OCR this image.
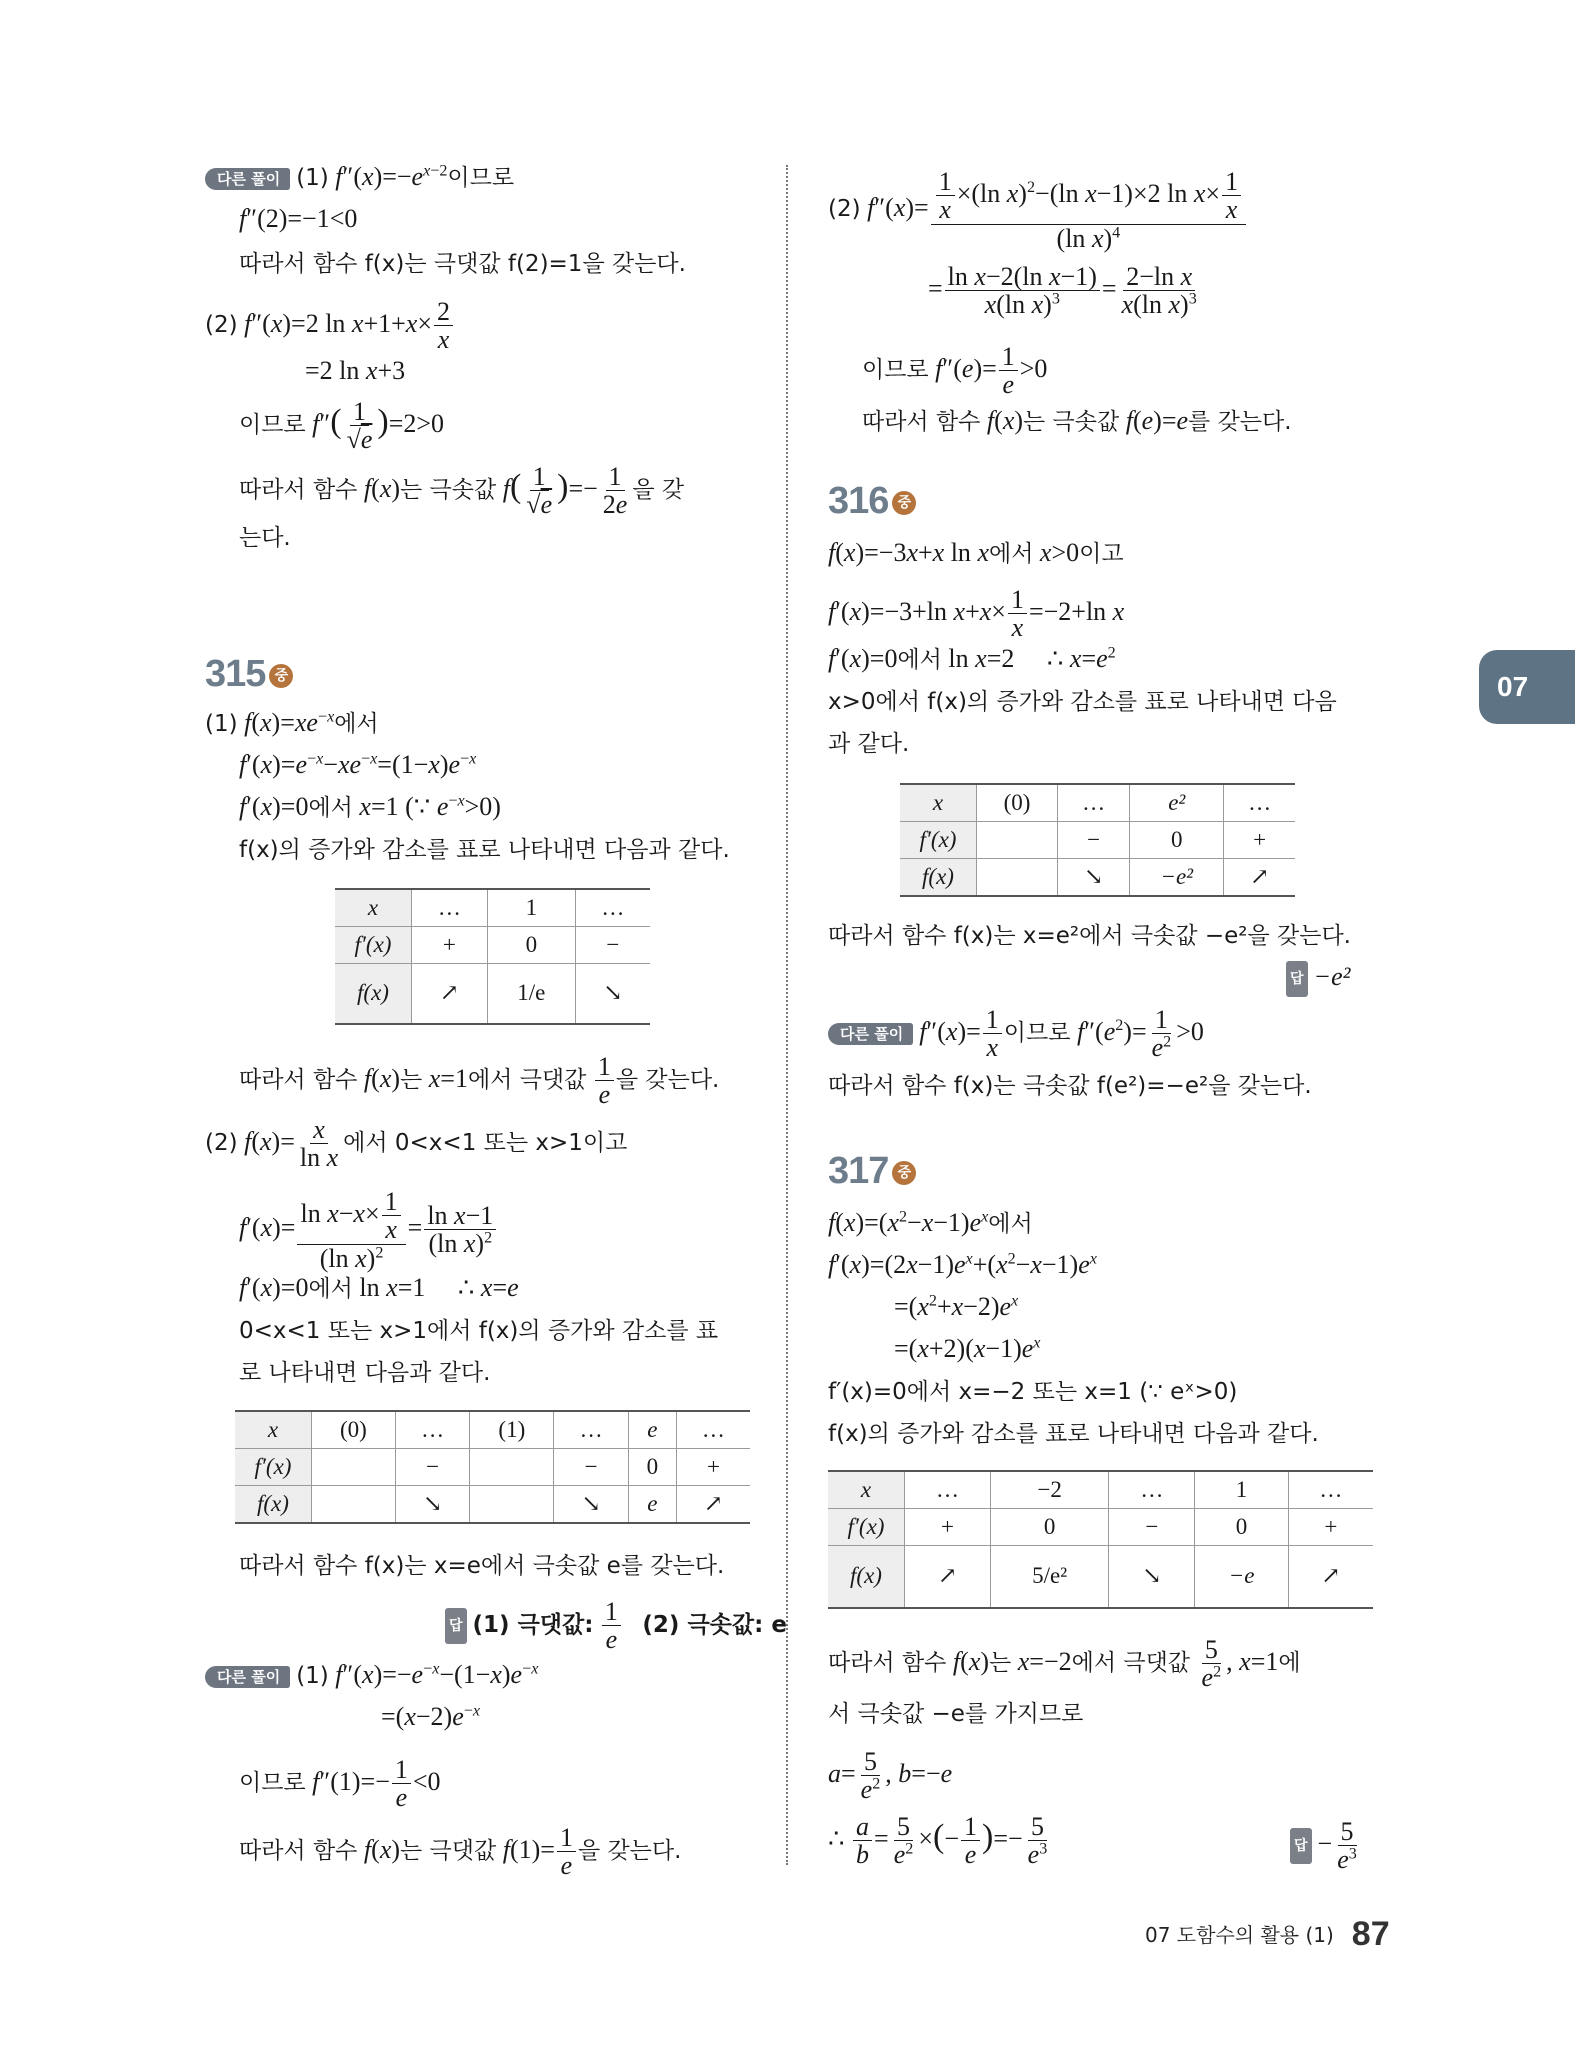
다른 풀이 (1) $f''(x)=-e^{x-2}$이므로
f″(2)=−1<0
따라서 함수 f(x)는 극댓값 f(2)=1을 갖는다.
(2) f″(x)=2 $\ln x+1+x\times \frac{2}{x}$
=2 ln x+3
이므로 $f''( \frac{1}{√e} )=2>0$
따라서 함수 f(x)는 극솟값 $f( \frac{1}{√e}$ )=− $\frac{1}{2e}$ 을 갖
는다.
315 중
(1) $f(x)=xe^{-x}$에서
$f'(x)=e^{-x}-xe^{-x}=(1-x)e^{-x}$
f′(x)=0에서 x=1 (∵ $e^{-x}>0$)
f(x)의 증가와 감소를 표로 나타내면 다음과 같다.
x	…	1	…
f′(x)	+	0	−
f(x)	↗	1/e	↘
따라서 함수 f(x)는 x=1에서 극댓값 $\frac{1}{e}$ 을 갖는다.
(2) $f(x)= \frac{x}{\text{ln x}}$ 에서 0<x<1 또는 x>1이고
$f'(x)= \frac{\ln x-x\times \frac{1}{x}}{(\ln x)^2} = \frac{\text{ln x−1}}{(\ln x)^2}$
f′(x)=0에서 ln x=1     ∴ x=e
0<x<1 또는 x>1에서 f(x)의 증가와 감소를 표
로 나타내면 다음과 같다.
x	(0)	…	(1)	…	e	…
f′(x)		−		−	0	+
f(x)		↘		↘	e	↗
따라서 함수 f(x)는 x=e에서 극솟값 e를 갖는다.
답 (1) 극댓값: $\frac{1}{e} (2)$ 극솟값: e
다른 풀이 (1) $f''(x)=-e^{-x}-(1-x)e^{-x}$
$=(x-2)e^{-x}$
이므로 $f''(1)=- \frac{1}{e} <0$
따라서 함수 f(x)는 극댓값 $f(1)= \frac{1}{e}$ 을 갖는다.
(2) $f''(x)= \frac{\frac{1}{x} \times(\ln x)^2-(\ln x-1)\times 2 \ln x\times \frac{1}{x}}{(\ln x)^4}$
= $\frac{\text{ln x−2(ln x−1)}}{x(\ln x)^3} = \frac{\text{2−ln x}}{x(\ln x)^3}$
이므로 $f''(e)= \frac{1}{e} >0$
따라서 함수 f(x)는 극솟값 f(e)=e를 갖는다.
316 중
f(x)=−3x+x ln x에서 x>0이고
f′(x)=−3+ln $x+x\times \frac{1}{x} =-2+\ln$ x
f′(x)=0에서 ln x=2     ∴ $x=e^2$
x>0에서 f(x)의 증가와 감소를 표로 나타내면 다음
과 같다.
x	(0)	…	e²	…
f′(x)		−	0	+
f(x)		↘	−e²	↗
따라서 함수 f(x)는 x=e²에서 극솟값 −e²을 갖는다.
답 −e²
다른 풀이 $f''(x)= \frac{1}{x}$ 이므로 $f''(e^2)= \frac{1}{e^2} >0$
따라서 함수 f(x)는 극솟값 f(e²)=−e²을 갖는다.
317 중
$f(x)=(x^2-x-1)e^x$에서
$f'(x)=(2x-1)e^x+(x^2-x-1)e^x$
$=(x^2+x-2)e^x$
$=(x+2)(x-1)e^x$
f′(x)=0에서 x=−2 또는 x=1 (∵ eˣ>0)
f(x)의 증가와 감소를 표로 나타내면 다음과 같다.
x	…	−2	…	1	…
f′(x)	+	0	−	0	+
f(x)	↗	5/e²	↘	−e	↗
따라서 함수 f(x)는 x=−2에서 극댓값 $\frac{5}{e^2}$ , x=1에
서 극솟값 −e를 가지므로
$a= \frac{5}{e^2}$ , b=−e
∴ $\frac{a}{b} = \frac{5}{e^2}$ ×(− $\frac{1}{e}$ )=− $\frac{5}{e^3}$	답 − $\frac{5}{e^3}$
07
07 도함수의 활용 (1) 87
